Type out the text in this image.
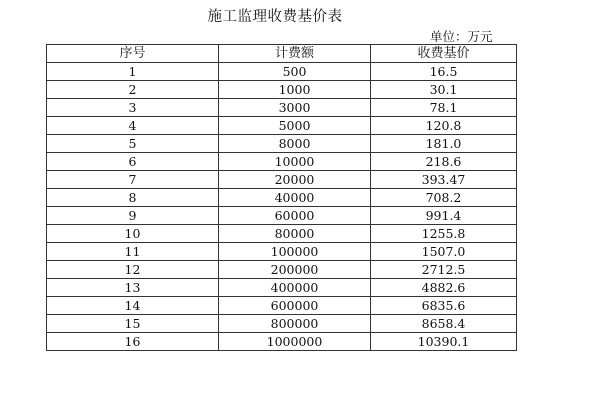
施工监理收费基价表
单位：万元
序号	计费额	收费基价
1	500	16.5
2	1000	30.1
3	3000	78.1
4	5000	120.8
5	8000	181.0
6	10000	218.6
7	20000	393.47
8	40000	708.2
9	60000	991.4
10	80000	1255.8
11	100000	1507.0
12	200000	2712.5
13	400000	4882.6
14	600000	6835.6
15	800000	8658.4
16	1000000	10390.1
